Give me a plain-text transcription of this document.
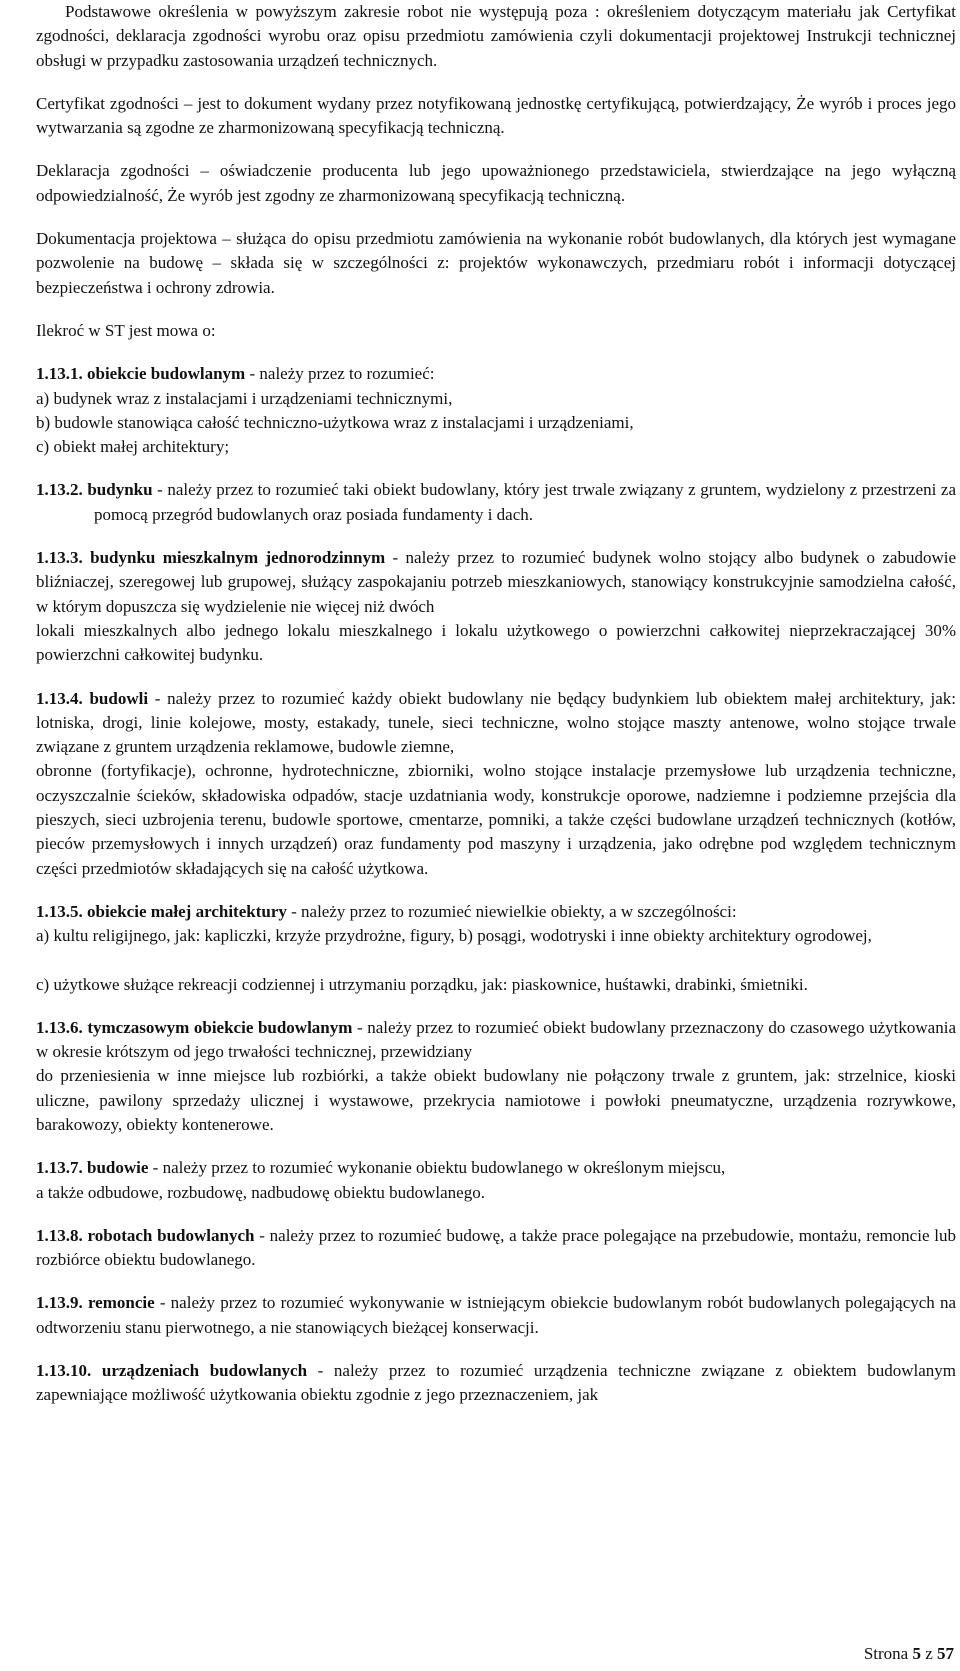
Podstawowe określenia w powyższym zakresie robot nie występują poza : określeniem dotyczącym materiału jak Certyfikat zgodności, deklaracja zgodności wyrobu oraz opisu przedmiotu zamówienia czyli dokumentacji projektowej Instrukcji technicznej obsługi w przypadku zastosowania urządzeń technicznych.

Certyfikat zgodności – jest to dokument wydany przez notyfikowaną jednostkę certyfikującą, potwierdzający, Że wyrób i proces jego wytwarzania są zgodne ze zharmonizowaną specyfikacją techniczną.

Deklaracja zgodności – oświadczenie producenta lub jego upoważnionego przedstawiciela, stwierdzające na jego wyłączną odpowiedzialność, Że wyrób jest zgodny ze zharmonizowaną specyfikacją techniczną.

Dokumentacja projektowa – służąca do opisu przedmiotu zamówienia na wykonanie robót budowlanych, dla których jest wymagane pozwolenie na budowę – składa się w szczególności z: projektów wykonawczych, przedmiaru robót i informacji dotyczącej bezpieczeństwa i ochrony zdrowia.

Ilekroć w ST jest mowa o:

1.13.1. obiekcie budowlanym - należy przez to rozumieć:
a) budynek wraz z instalacjami i urządzeniami technicznymi,
b) budowle stanowiąca całość techniczno-użytkowa wraz z instalacjami i urządzeniami,
c) obiekt małej architektury;
1.13.2. budynku - należy przez to rozumieć taki obiekt budowlany, który jest trwale związany z gruntem, wydzielony z przestrzeni za pomocą przegród budowlanych oraz posiada fundamenty i dach.
1.13.3. budynku mieszkalnym jednorodzinnym - należy przez to rozumieć budynek wolno stojący albo budynek o zabudowie bliźniaczej, szeregowej lub grupowej, służący zaspokajaniu potrzeb mieszkaniowych, stanowiący konstrukcyjnie samodzielna całość, w którym dopuszcza się wydzielenie nie więcej niż dwóch
lokali mieszkalnych albo jednego lokalu mieszkalnego i lokalu użytkowego o powierzchni całkowitej nieprzekraczającej 30% powierzchni całkowitej budynku.
1.13.4. budowli - należy przez to rozumieć każdy obiekt budowlany nie będący budynkiem lub obiektem małej architektury, jak: lotniska, drogi, linie kolejowe, mosty, estakady, tunele, sieci techniczne, wolno stojące maszty antenowe, wolno stojące trwale związane z gruntem urządzenia reklamowe, budowle ziemne,
obronne (fortyfikacje), ochronne, hydrotechniczne, zbiorniki, wolno stojące instalacje przemysłowe lub urządzenia techniczne, oczyszczalnie ścieków, składowiska odpadów, stacje uzdatniania wody, konstrukcje oporowe, nadziemne i podziemne przejścia dla pieszych, sieci uzbrojenia terenu, budowle sportowe, cmentarze, pomniki, a także części budowlane urządzeń technicznych (kotłów, pieców przemysłowych i innych urządzeń) oraz fundamenty pod maszyny i urządzenia, jako odrębne pod względem technicznym części przedmiotów składających się na całość użytkowa.
1.13.5. obiekcie małej architektury - należy przez to rozumieć niewielkie obiekty, a w szczególności:
a) kultu religijnego, jak: kapliczki, krzyże przydrożne, figury, b) posągi, wodotryski i inne obiekty architektury ogrodowej,
c) użytkowe służące rekreacji codziennej i utrzymaniu porządku, jak: piaskownice, huśtawki, drabinki, śmietniki.
1.13.6. tymczasowym obiekcie budowlanym - należy przez to rozumieć obiekt budowlany przeznaczony do czasowego użytkowania w okresie krótszym od jego trwałości technicznej, przewidziany
do przeniesienia w inne miejsce lub rozbiórki, a także obiekt budowlany nie połączony trwale z gruntem, jak: strzelnice, kioski uliczne, pawilony sprzedaży ulicznej i wystawowe, przekrycia namiotowe i powłoki pneumatyczne, urządzenia rozrywkowe, barakowozy, obiekty kontenerowe.
1.13.7. budowie - należy przez to rozumieć wykonanie obiektu budowlanego w określonym miejscu,
a także odbudowe, rozbudowę, nadbudowę obiektu budowlanego.
1.13.8. robotach budowlanych - należy przez to rozumieć budowę, a także prace polegające na przebudowie, montażu, remoncie lub rozbiórce obiektu budowlanego.
1.13.9. remoncie - należy przez to rozumieć wykonywanie w istniejącym obiekcie budowlanym robót budowlanych polegających na odtworzeniu stanu pierwotnego, a nie stanowiących bieżącej konserwacji.
1.13.10. urządzeniach budowlanych - należy przez to rozumieć urządzenia techniczne związane z obiektem budowlanym zapewniające możliwość użytkowania obiektu zgodnie z jego przeznaczeniem, jak
Strona 5 z 57
